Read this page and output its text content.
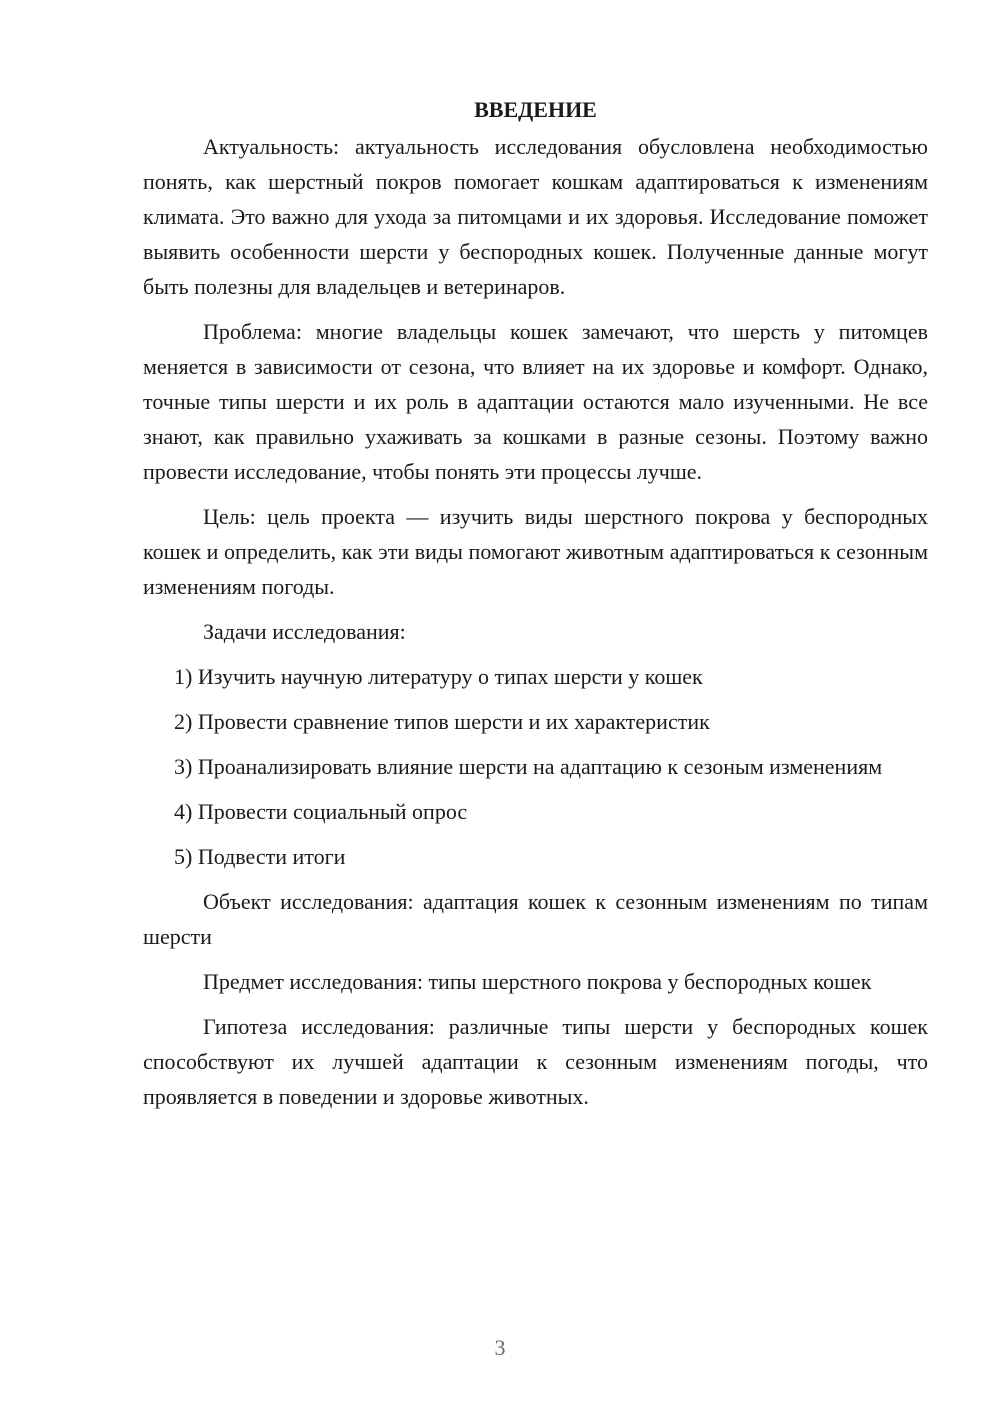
ВВЕДЕНИЕ

Актуальность: актуальность исследования обусловлена необходимостью понять, как шерстный покров помогает кошкам адаптироваться к изменениям климата. Это важно для ухода за питомцами и их здоровья. Исследование поможет выявить особенности шерсти у беспородных кошек. Полученные данные могут быть полезны для владельцев и ветеринаров.

Проблема: многие владельцы кошек замечают, что шерсть у питомцев меняется в зависимости от сезона, что влияет на их здоровье и комфорт. Однако, точные типы шерсти и их роль в адаптации остаются мало изученными. Не все знают, как правильно ухаживать за кошками в разные сезоны. Поэтому важно провести исследование, чтобы понять эти процессы лучше.

Цель: цель проекта — изучить виды шерстного покрова у беспородных кошек и определить, как эти виды помогают животным адаптироваться к сезонным изменениям погоды.

Задачи исследования:

1) Изучить научную литературу о типах шерсти у кошек

2) Провести сравнение типов шерсти и их характеристик

3) Проанализировать влияние шерсти на адаптацию к сезоным изменениям

4) Провести социальный опрос

5) Подвести итоги

Объект исследования: адаптация кошек к сезонным изменениям по типам шерсти

Предмет исследования: типы шерстного покрова у беспородных кошек

Гипотеза исследования: различные типы шерсти у беспородных кошек способствуют их лучшей адаптации к сезонным изменениям погоды, что проявляется в поведении и здоровье животных.

3
